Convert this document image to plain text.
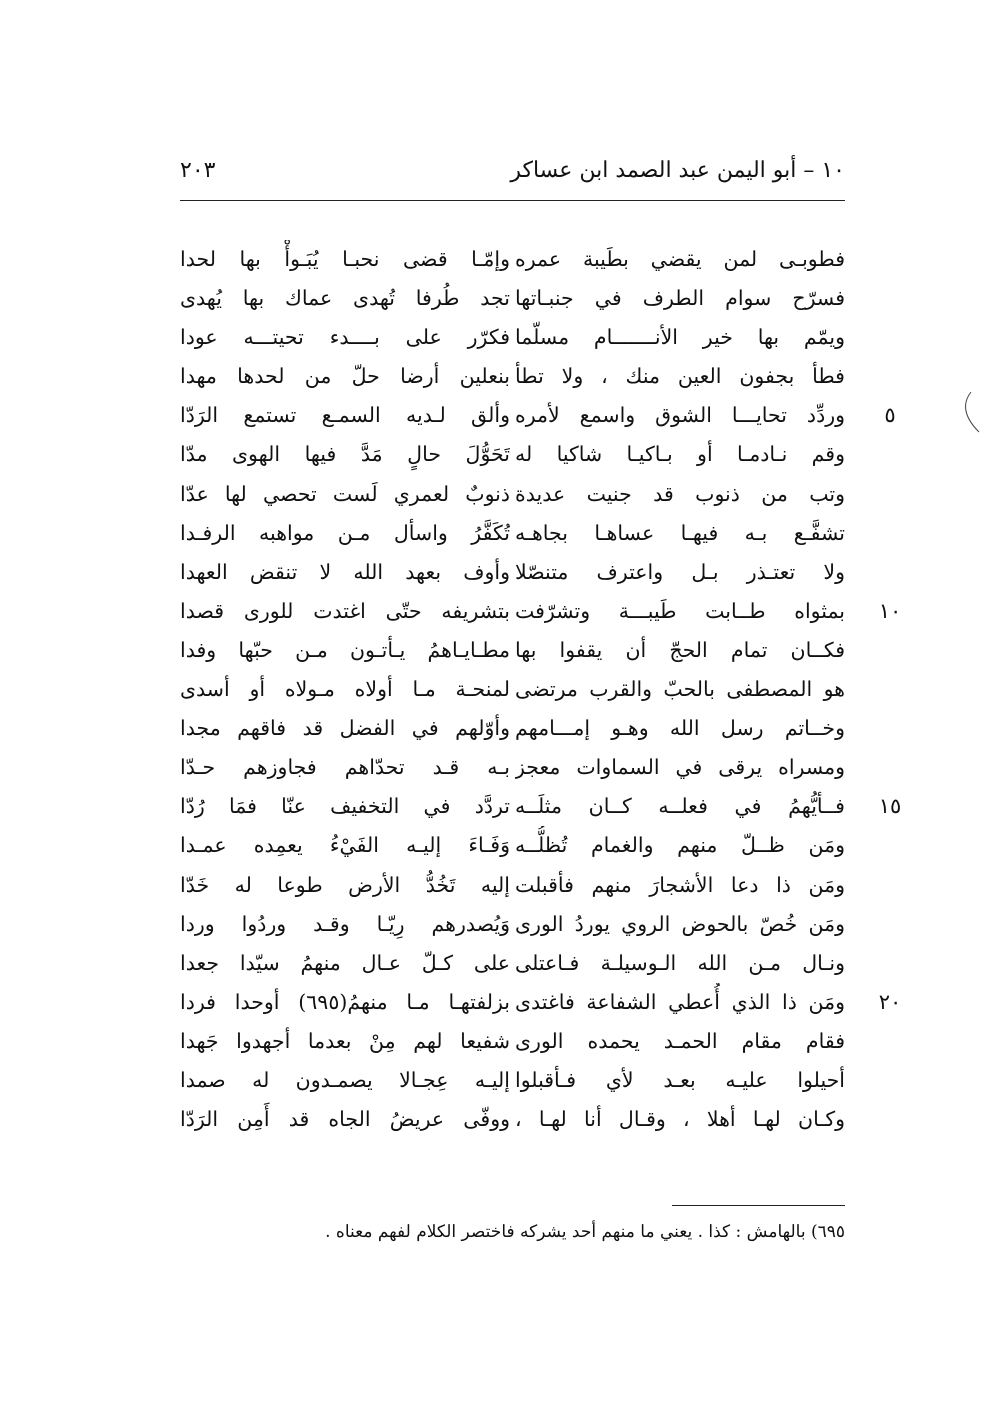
١٠ – أبو اليمن عبد الصمد ابن عساكر
٢٠٣
فطوبـى لمن يقضي بطَيبة عمره
وإمّـا قضى نحبـا يُبَـوأْ بها لحدا
فسرّح سوام الطرف في جنبـاتها
تجد طُرفا تُهدى عماك بها يُهدى
ويمّم بها خير الأنـــــــام مسلّما
فكرّر على بــــدء تحيتـــه عودا
فطأ بجفون العين منك ، ولا تطأ
بنعلين أرضا حلّ من لحدها مهدا
وردِّد تحايـــا الشوق واسمع لأمره
وألق لـديه السمـع تستمع الرَدّا	٥
وقم نـادمـا أو بـاكيـا شاكيا له
تَحَوُّلَ حالٍ مَدَّ فيها الهوى مدّا
وتب من ذنوب قد جنيت عديدة
ذنوبٌ لعمري لَست تحصي لها عدّا
تشفَّـع بـه فيهـا عساهـا بجاهـه
تُكَفَّرُ واسأل مـن مواهبه الرفـدا
ولا تعتـذر بـل واعترف متنصّلا
وأوف بعهد الله لا تنقض العهدا
بمثواه طــابت طَيبـــة وتشرّفت
بتشريفه حتّى اغتدت للورى قصدا	١٠
فكــان تمام الحجّ أن يقفوا بها
مطـايـاهمُ يـأتـون مـن حبّها وفدا
هو المصطفى بالحبّ والقرب مرتضى
لمنحـة مـا أولاه مـولاه أو أسدى
وخــاتم رسل الله وهـو إمـــامهم
وأوّلهم في الفضل قد فاقهم مجدا
ومسراه يرقى في السماوات معجز
بـه قـد تحدّاهم فجاوزهم حـدّا
فــأيُّهمُ في فعلــه كــان مثلَــه
تردَّد في التخفيف عنّا فمَا رُدّا	١٥
ومَن ظــلّ منهم والغمام تُظلُّــه
وَفَـاءَ إليـه الفَيْءُ يعمِده عمـدا
ومَن ذا دعا الأشجارَ منهم فأقبلت
إليه تَخُدُّ الأرض طوعا له خَدّا
ومَن خُصّ بالحوض الروي يوردُ الورى
وَيُصدرهم رِيّـا وقـد وردُوا وردا
ونـال مـن الله الـوسيلـة فـاعتلى
على كـلّ عـال منهمُ سيّدا جعدا
ومَن ذا الذي أُعطي الشفاعة فاغتدى
بزلفتهـا مـا منهمُ(٦٩٥) أوحدا فردا	٢٠
فقام مقام الحمـد يحمده الورى
شفيعا لهم مِنْ بعدما أجهدوا جَهدا
أحيلوا عليـه بعـد لأي فـأقبلوا
إليـه عِجـالا يصمـدون له صمدا
وكـان لهـا أهلا ، وقـال أنا لهـا ،
ووفّى عريضُ الجاه قد أَمِن الرَدّا
٦٩٥) بالهامش : كذا . يعني ما منهم أحد يشركه فاختصر الكلام لفهم معناه .
